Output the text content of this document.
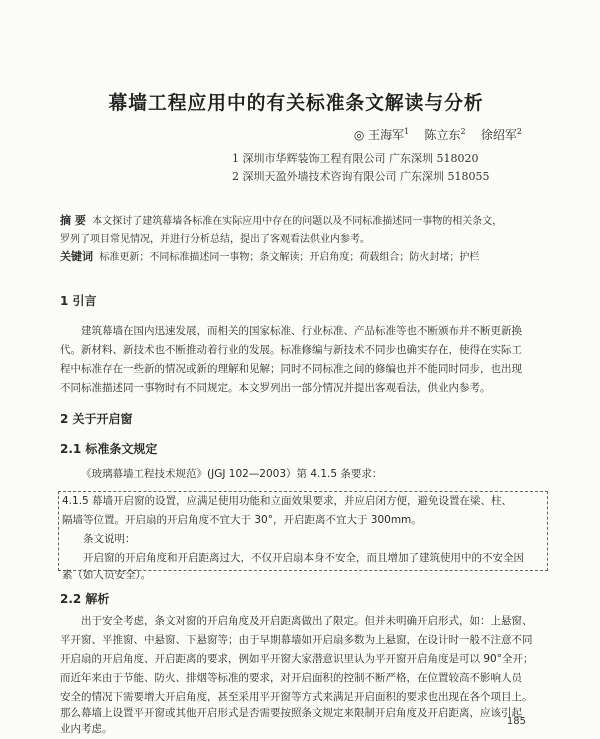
幕墙工程应用中的有关标准条文解读与分析
◎ 王海军$^1$ 陈立东$^2$ 徐绍军$^2$
1 深圳市华辉装饰工程有限公司 广东深圳 518020
2 深圳天盈外墙技术咨询有限公司 广东深圳 518055
摘 要 本文探讨了建筑幕墙各标准在实际应用中存在的问题以及不同标准描述同一事物的相关条文，
罗列了项目常见情况，并进行分析总结，提出了客观看法供业内参考。
关键词 标准更新；不同标准描述同一事物；条文解读；开启角度；荷载组合；防火封堵；护栏
1 引言
建筑幕墙在国内迅速发展，而相关的国家标准、行业标准、产品标准等也不断颁布并不断更新换
代。新材料、新技术也不断推动着行业的发展。标准修编与新技术不同步也确实存在，使得在实际工
程中标准存在一些新的情况或新的理解和见解；同时不同标准之间的修编也并不能同时同步，也出现
不同标准描述同一事物时有不同规定。本文罗列出一部分情况并提出客观看法，供业内参考。
2 关于开启窗
2.1 标准条文规定
《玻璃幕墙工程技术规范》(JGJ 102—2003）第 4.1.5 条要求：
4.1.5 幕墙开启窗的设置，应满足使用功能和立面效果要求，并应启闭方便，避免设置在梁、柱、
隔墙等位置。开启扇的开启角度不宜大于 30°，开启距离不宜大于 300mm。
条文说明：
开启窗的开启角度和开启距离过大，不仅开启扇本身不安全，而且增加了建筑使用中的不安全因
素（如人员安全）。
2.2 解析
出于安全考虑，条文对窗的开启角度及开启距离做出了限定。但并未明确开启形式，如：上悬窗、
平开窗、平推窗、中悬窗、下悬窗等；由于早期幕墙如开启扇多数为上悬窗，在设计时一般不注意不同
开启扇的开启角度、开启距离的要求，例如平开窗大家潜意识里认为平开窗开启角度是可以 90°全开；
而近年来由于节能、防火、排烟等标准的要求，对开启面积的控制不断严格，在位置较高不影响人员
安全的情况下需要增大开启角度，甚至采用平开窗等方式来满足开启面积的要求也出现在各个项目上。
那么幕墙上设置平开窗或其他开启形式是否需要按照条文规定来限制开启角度及开启距离，应该引起
业内考虑。
185
